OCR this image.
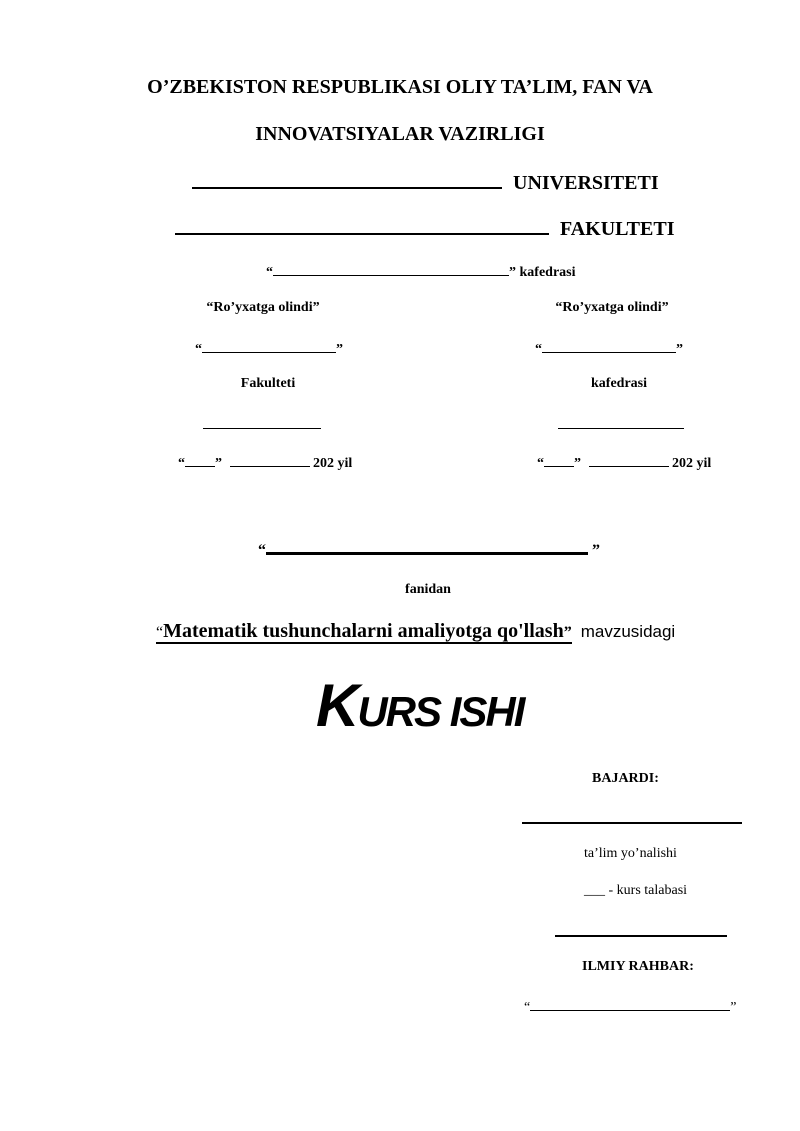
O’ZBEKISTON RESPUBLIKASI OLIY TA’LIM, FAN VA
INNOVATSIYALAR VAZIRLIGI
UNIVERSITETI
FAKULTETI
“	” kafedrasi
“Ro’yxatga olindi”
“	”
Fakulteti
“ ”	202 yil
“Ro’yxatga olindi”
“	”
kafedrasi
“ ”	202 yil
“	”
fanidan
“Matematik tushunchalarni amaliyotga qo'llash” mavzusidagi
KURS ISHI
BAJARDI:
ta’lim yo’nalishi
___ - kurs talabasi
ILMIY RAHBAR:
“	”
